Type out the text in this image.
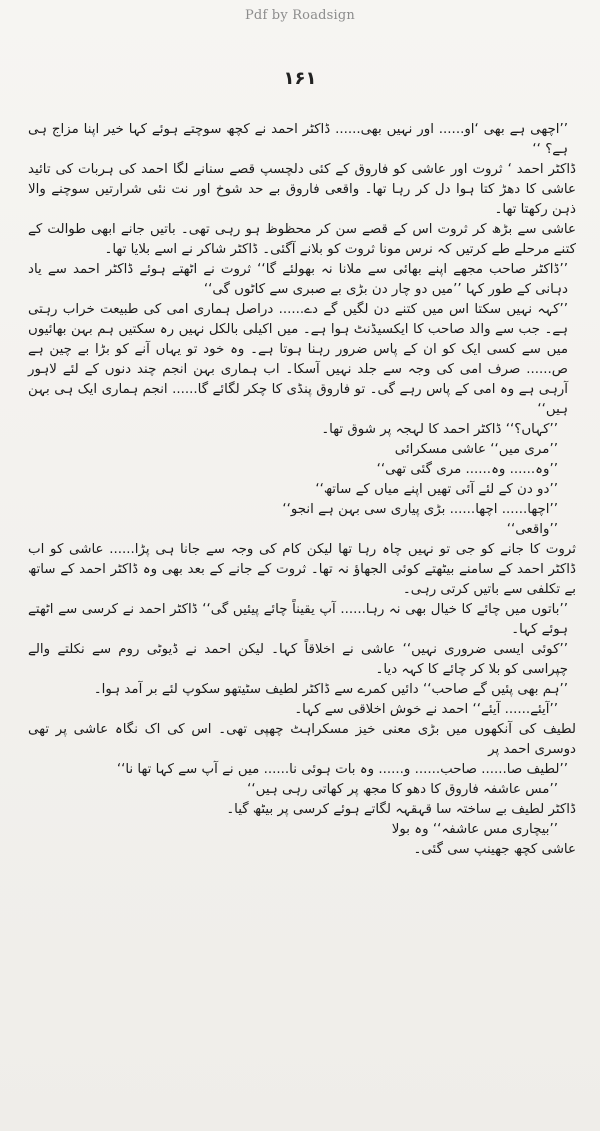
Pdf by Roadsign
۱۶۱

’’اچھی ہے بھی ‘او...... اور نہیں بھی...... ڈاکٹر احمد نے کچھ سوچتے ہوئے کہا خیر اپنا مزاج ہی ہے؟ ‘‘

ڈاکٹر احمد ‘ ثروت اور عاشی کو فاروق کے کئی دلچسپ قصے سنانے لگا احمد کی ہربات کی تائید عاشی کا دھڑ کتا ہوا دل کر رہا تھا۔ واقعی فاروق بے حد شوخ اور نت نئی شرارتیں سوچنے والا ذہن رکھتا تھا۔

عاشی سے بڑھ کر ثروت اس کے قصے سن کر محظوظ ہو رہی تھی۔ باتیں جانے ابھی طوالت کے کتنے مرحلے طے کرتیں کہ نرس مونا ثروت کو بلانے آگئی۔ ڈاکٹر شاکر نے اسے بلایا تھا۔

’’ڈاکٹر صاحب مجھے اپنے بھائی سے ملانا نہ بھولئے گا‘‘ ثروت نے اٹھتے ہوئے ڈاکٹر احمد سے یاد دہانی کے طور کہا ’’میں دو چار دن بڑی بے صبری سے کاٹوں گی‘‘

’’کہہ نہیں سکتا اس میں کتنے دن لگیں گے دے...... دراصل ہماری امی کی طبیعت خراب رہتی ہے۔ جب سے والد صاحب کا ایکسیڈنٹ ہوا ہے۔ میں اکیلی بالکل نہیں رہ سکتیں ہم بہن بھائیوں میں سے کسی ایک کو ان کے پاس ضرور رہنا ہوتا ہے۔ وہ خود تو یہاں آنے کو بڑا بے چین ہے ص...... صرف امی کی وجہ سے جلد نہیں آسکا۔ اب ہماری بہن انجم چند دنوں کے لئے لاہور آرہی ہے وہ امی کے پاس رہے گی۔ تو فاروق پنڈی کا چکر لگائے گا...... انجم ہماری ایک ہی بہن ہیں‘‘

’’کہاں؟‘‘ ڈاکٹر احمد کا لہجہ پر شوق تھا۔

’’مری میں‘‘ عاشی مسکرائی

’’وہ...... وہ...... مری گئی تھی‘‘

’’دو دن کے لئے آئی تھیں اپنے میاں کے ساتھ‘‘

’’اچھا...... اچھا...... بڑی پیاری سی بہن ہے انجو‘‘

’’واقعی‘‘

ثروت کا جانے کو جی تو نہیں چاہ رہا تھا لیکن کام کی وجہ سے جانا ہی پڑا...... عاشی کو اب ڈاکٹر احمد کے سامنے بیٹھتے کوئی الجھاؤ نہ تھا۔ ثروت کے جانے کے بعد بھی وہ ڈاکٹر احمد کے ساتھ بے تکلفی سے باتیں کرتی رہی۔

’’باتوں میں چائے کا خیال بھی نہ رہا...... آپ یقیناً چائے پیئیں گی‘‘ ڈاکٹر احمد نے کرسی سے اٹھتے ہوئے کہا۔

’’کوئی ایسی ضروری نہیں‘‘ عاشی نے اخلاقاً کہا۔ لیکن احمد نے ڈیوٹی روم سے نکلتے والے چپراسی کو بلا کر چائے کا کہہ دیا۔

’’ہم بھی پئیں گے صاحب‘‘ دائیں کمرے سے ڈاکٹر لطیف سٹیتھو سکوپ لئے بر آمد ہوا۔

’’آیئے...... آیئے‘‘ احمد نے خوش اخلاقی سے کہا۔

لطیف کی آنکھوں میں بڑی معنی خیز مسکراہٹ چھپی تھی۔ اس کی اک نگاہ عاشی پر تھی دوسری احمد پر

’’لطیف صا...... صاحب...... و...... وہ بات ہوئی نا...... میں نے آپ سے کہا تھا نا‘‘

’’مس عاشفہ فاروق کا دھو کا مجھ پر کھاتی رہی ہیں‘‘

ڈاکٹر لطیف بے ساختہ سا قہقہہ لگاتے ہوئے کرسی پر بیٹھ گیا۔

’’بیچاری مس عاشفہ‘‘ وہ بولا

عاشی کچھ جھینپ سی گئی۔
